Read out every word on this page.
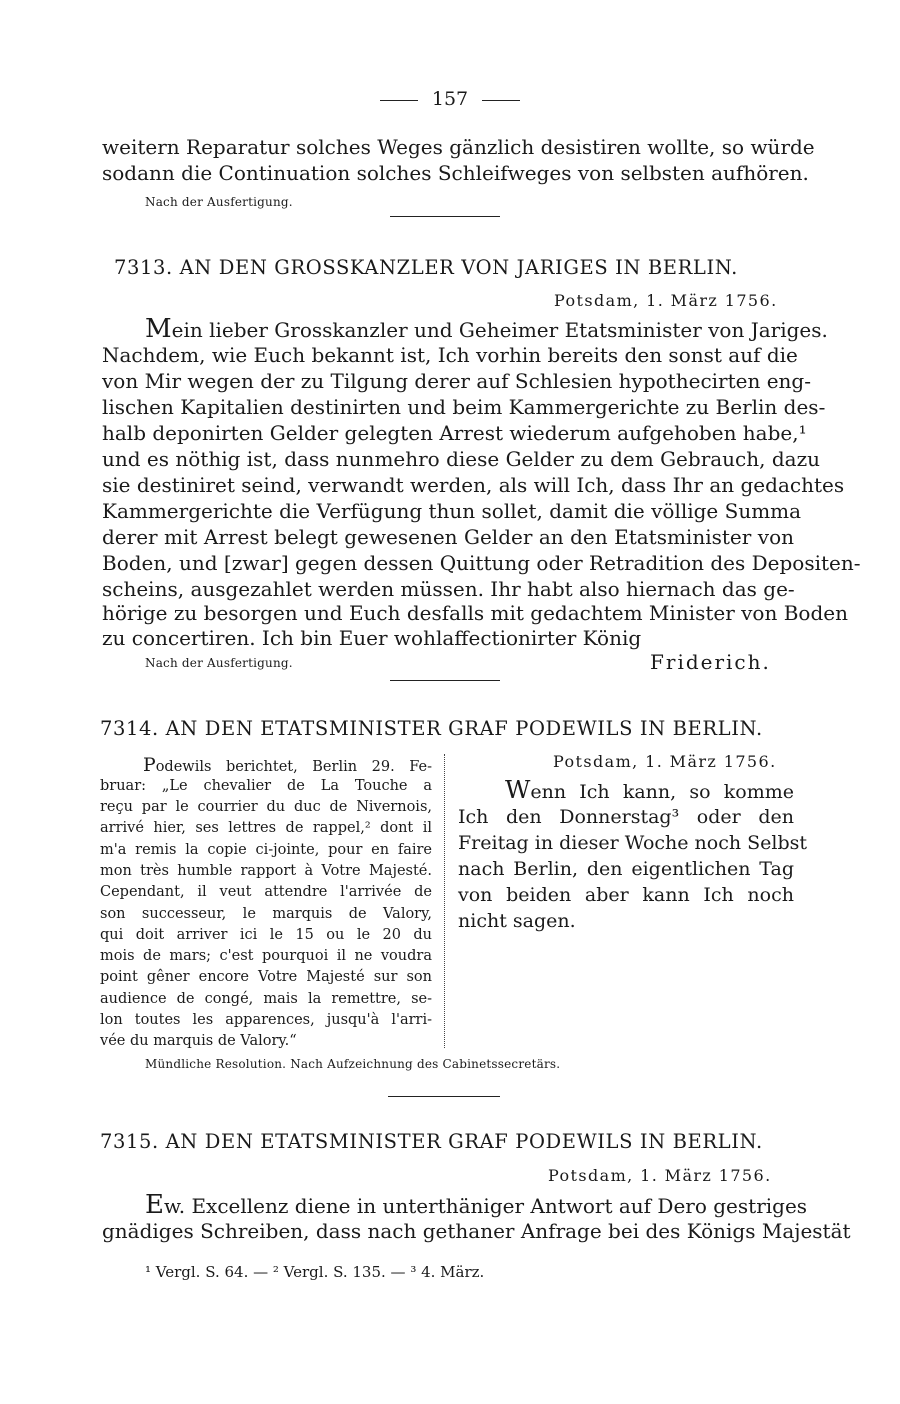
157
weitern Reparatur solches Weges gänzlich desistiren wollte, so würde
sodann die Continuation solches Schleifweges von selbsten aufhören.
Nach der Ausfertigung.
7313. AN DEN GROSSKANZLER VON JARIGES IN BERLIN.
Potsdam, 1. März 1756.
Mein lieber Grosskanzler und Geheimer Etatsminister von Jariges.
Nachdem, wie Euch bekannt ist, Ich vorhin bereits den sonst auf die
von Mir wegen der zu Tilgung derer auf Schlesien hypothecirten eng-
lischen Kapitalien destinirten und beim Kammergerichte zu Berlin des-
halb deponirten Gelder gelegten Arrest wiederum aufgehoben habe,¹
und es nöthig ist, dass nunmehro diese Gelder zu dem Gebrauch, dazu
sie destiniret seind, verwandt werden, als will Ich, dass Ihr an gedachtes
Kammergerichte die Verfügung thun sollet, damit die völlige Summa
derer mit Arrest belegt gewesenen Gelder an den Etatsminister von
Boden, und [zwar] gegen dessen Quittung oder Retradition des Depositen-
scheins, ausgezahlet werden müssen. Ihr habt also hiernach das ge-
hörige zu besorgen und Euch desfalls mit gedachtem Minister von Boden
zu concertiren. Ich bin Euer wohlaffectionirter König
Nach der Ausfertigung.	Friderich.
7314. AN DEN ETATSMINISTER GRAF PODEWILS IN BERLIN.
Podewils berichtet, Berlin 29. Fe-
bruar: „Le chevalier de La Touche a
reçu par le courrier du duc de Nivernois,
arrivé hier, ses lettres de rappel,² dont il
m'a remis la copie ci-jointe, pour en faire
mon très humble rapport à Votre Majesté.
Cependant, il veut attendre l'arrivée de
son successeur, le marquis de Valory,
qui doit arriver ici le 15 ou le 20 du
mois de mars; c'est pourquoi il ne voudra
point gêner encore Votre Majesté sur son
audience de congé, mais la remettre, se-
lon toutes les apparences, jusqu'à l'arri-
vée du marquis de Valory.“
Potsdam, 1. März 1756.
Wenn Ich kann, so komme
Ich den Donnerstag³ oder den
Freitag in dieser Woche noch Selbst
nach Berlin, den eigentlichen Tag
von beiden aber kann Ich noch
nicht sagen.
Mündliche Resolution. Nach Aufzeichnung des Cabinetssecretärs.
7315. AN DEN ETATSMINISTER GRAF PODEWILS IN BERLIN.
Potsdam, 1. März 1756.
Ew. Excellenz diene in unterthäniger Antwort auf Dero gestriges
gnädiges Schreiben, dass nach gethaner Anfrage bei des Königs Majestät
¹ Vergl. S. 64. — ² Vergl. S. 135. — ³ 4. März.
